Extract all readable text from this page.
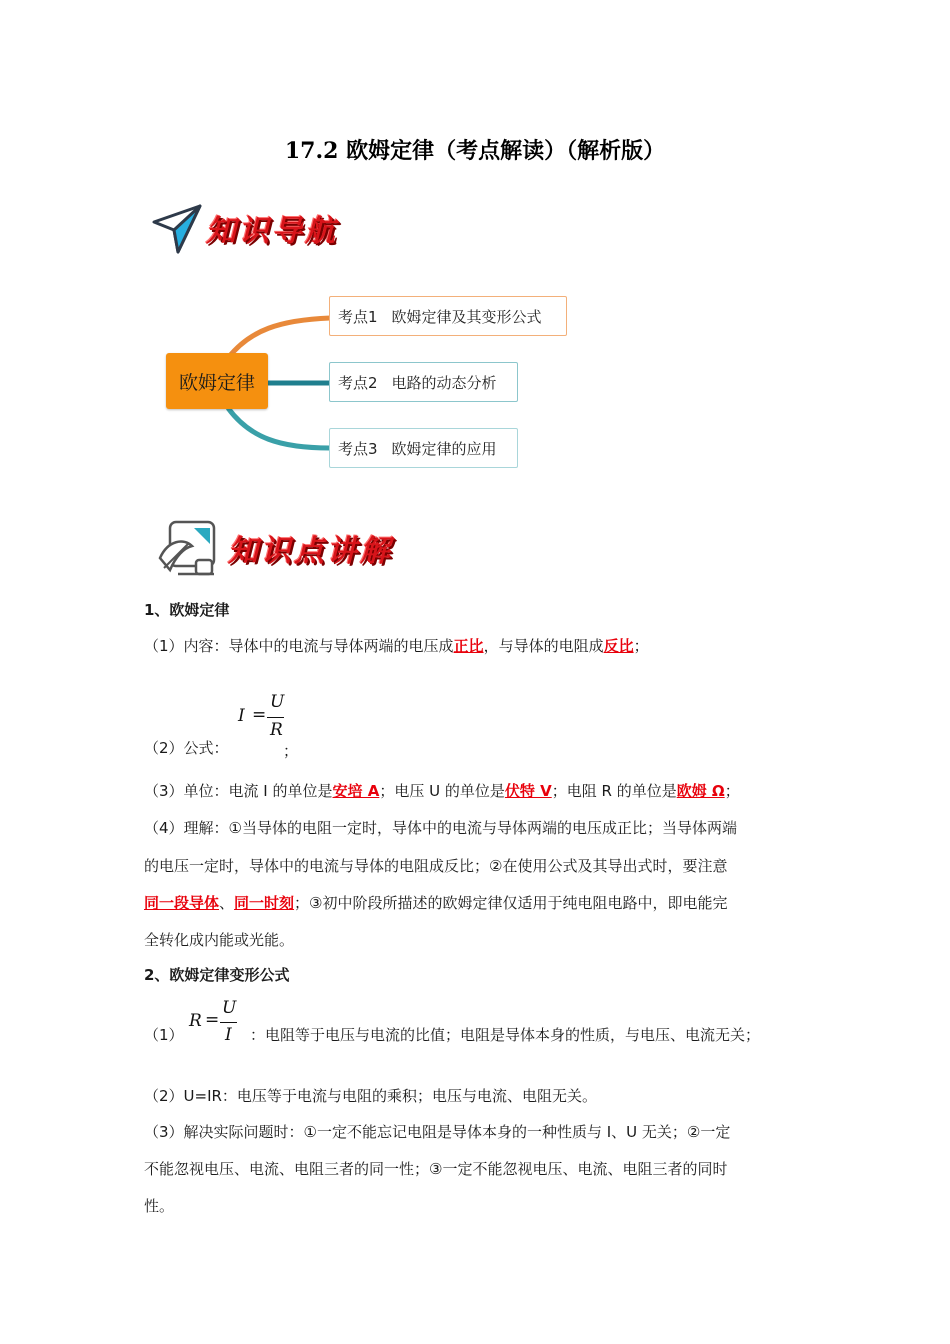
17.2 欧姆定律（考点解读）（解析版）
知识导航
欧姆定律
考点1 欧姆定律及其变形公式
考点2 电路的动态分析
考点3 欧姆定律的应用
知识点讲解
1、欧姆定律
（1）内容：导体中的电流与导体两端的电压成正比，与导体的电阻成反比；
I =
U
R
（2）公式：	；
（3）单位：电流 I 的单位是安培 A；电压 U 的单位是伏特 V；电阻 R 的单位是欧姆 Ω；
（4）理解：①当导体的电阻一定时，导体中的电流与导体两端的电压成正比；当导体两端
的电压一定时，导体中的电流与导体的电阻成反比；②在使用公式及其导出式时，要注意
同一段导体、同一时刻；③初中阶段所描述的欧姆定律仅适用于纯电阻电路中，即电能完
全转化成内能或光能。
2、欧姆定律变形公式
（1）
R =
U
I ：电阻等于电压与电流的比值；电阻是导体本身的性质，与电压、电流无关；
（2）U=IR：电压等于电流与电阻的乘积；电压与电流、电阻无关。
（3）解决实际问题时：①一定不能忘记电阻是导体本身的一种性质与 I、U 无关；②一定
不能忽视电压、电流、电阻三者的同一性；③一定不能忽视电压、电流、电阻三者的同时
性。
